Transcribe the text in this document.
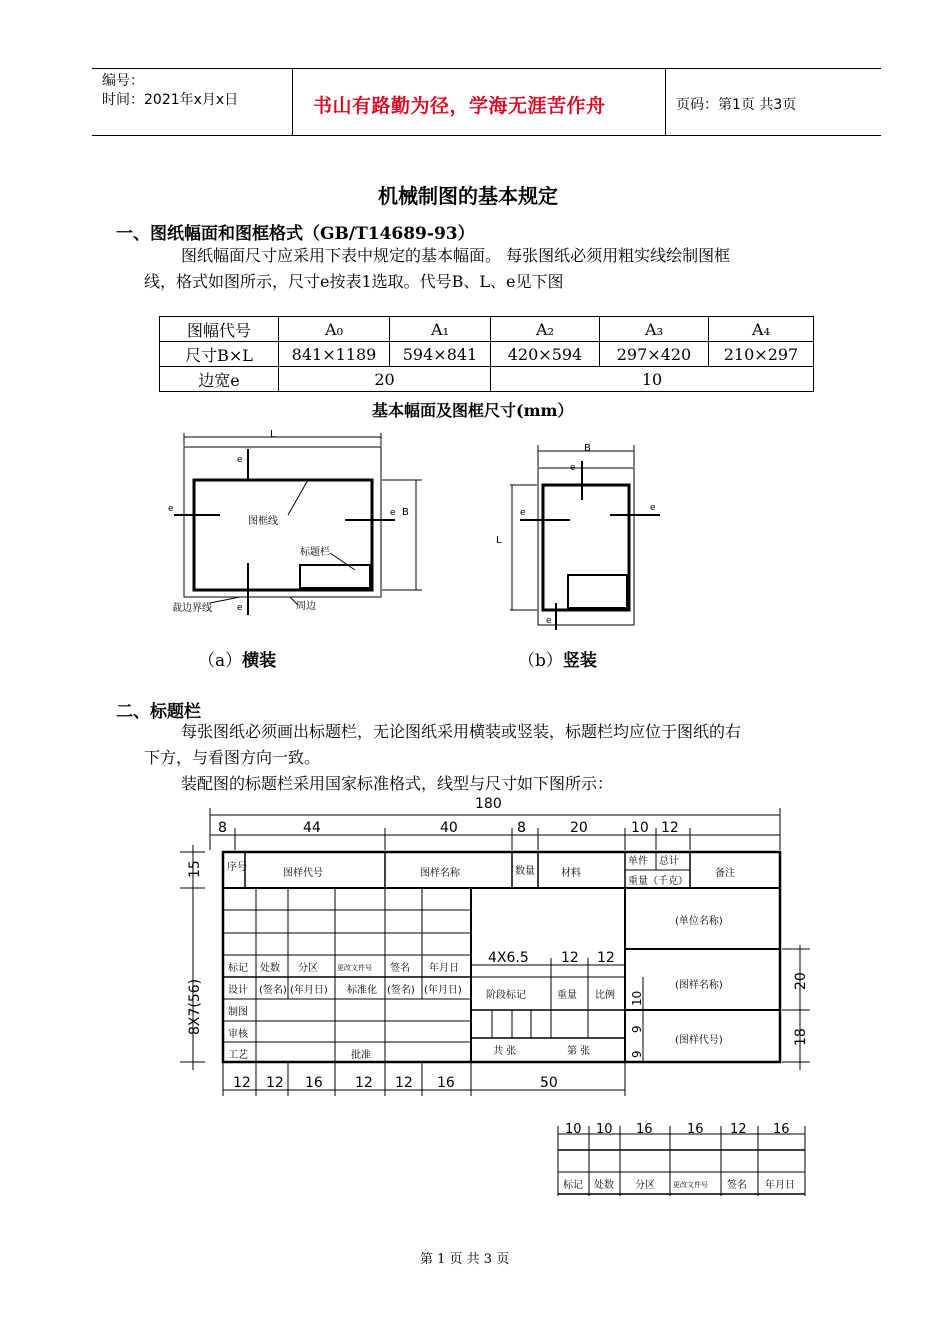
编号：
时间：2021年x月x日	书山有路勤为径，学海无涯苦作舟	页码：第1页 共3页
机械制图的基本规定
一、图纸幅面和图框格式（GB/T14689-93）
图纸幅面尺寸应采用下表中规定的基本幅面。 每张图纸必须用粗实线绘制图框
线，格式如图所示，尺寸e按表1选取。代号B、L、e见下图
图幅代号	A₀	A₁	A₂	A₃	A₄
尺寸B×L	841×1189	594×841	420×594	297×420	210×297
边宽e	20		10		
基本幅面及图框尺寸(mm）
L
B
e
e	e
e
图框线
标题栏
裁边界线	周边
（a）横装
B
L
e
e	e
e
（b）竖装
二、标题栏
每张图纸必须画出标题栏，无论图纸采用横装或竖装，标题栏均应位于图纸的右
下方，与看图方向一致。
装配图的标题栏采用国家标准格式，线型与尺寸如下图所示：
180
8	44	40	8	20	10 12
12 12 16 12 12 16	50
4X6.5 12 12
15
8X7(56)	20
18
10
9
9
序号
图样代号	图样名称	数量	材料
单件 总计
重量（千克）
备注
标记 处数 分区	更改文件号 签名 年月日
设计 (签名) (年月日) 标准化 (签名) (年月日)
制图
审核
工艺	批准
阶段标记	重量 比例
共 张	第 张
(单位名称)
(图样名称)
(图样代号)
10 10 16	16 12 16
标记 处数 分区	更改文件号 签名 年月日
第 1 页 共 3 页
